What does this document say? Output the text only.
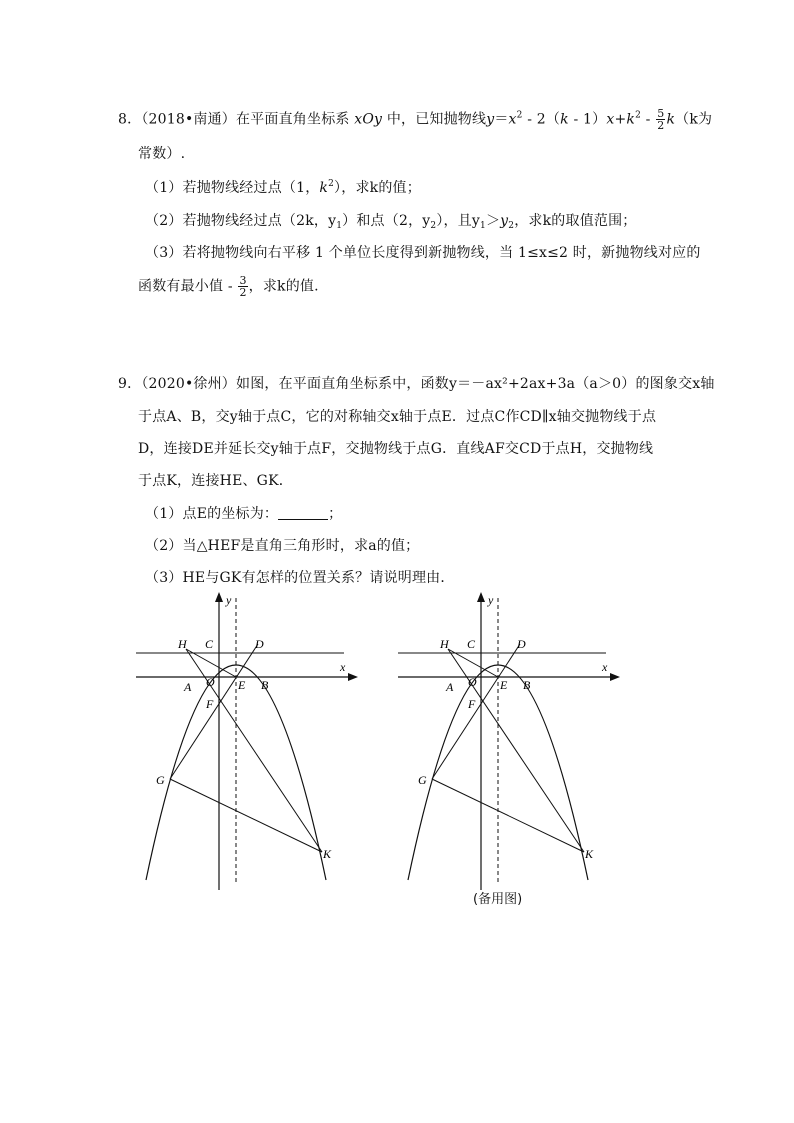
8．（2018•南通）在平面直角坐标系 xOy 中，已知抛物线$y=x^2 - 2(k - 1)x+k^2 - \frac{5}{2} k(k$为
常数）.
（1）若抛物线经过点（1，$k^2$），求k的值；
（2）若抛物线经过点（2k，$y_1$）和点（2，$y_2$），且$y_1>y_2$，求k的取值范围；
（3）若将抛物线向右平移 1 个单位长度得到新抛物线，当 1≤x≤2 时，新抛物线对应的
函数有最小值 - $\frac{3}{2}$ ，求k的值.
9．（2020•徐州）如图，在平面直角坐标系中，函数y＝－ax²+2ax+3a（a＞0）的图象交x轴
于点A、B，交y轴于点C，它的对称轴交x轴于点E．过点C作CD∥x轴交抛物线于点
D，连接DE并延长交y轴于点F，交抛物线于点G．直线AF交CD于点H，交抛物线
于点K，连接HE、GK．
（1）点E的坐标为：	；
（2）当△HEF是直角三角形时，求a的值；
（3）HE与GK有怎样的位置关系？请说明理由．
y
x
H C	D
A O E B
F
G
K
y
x
H C	D
A O E B
F
G
K
(备用图)
